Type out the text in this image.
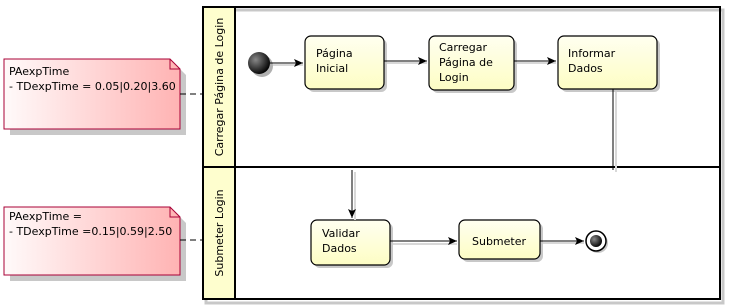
Carregar Página de Login
Submeter Login
PAexpTime
- TDexpTime = 0.05|0.20|3.60
PAexpTime =
- TDexpTime =0.15|0.59|2.50
Página
Inicial
Carregar
Página de
Login
Informar
Dados
Validar
Dados
Submeter
